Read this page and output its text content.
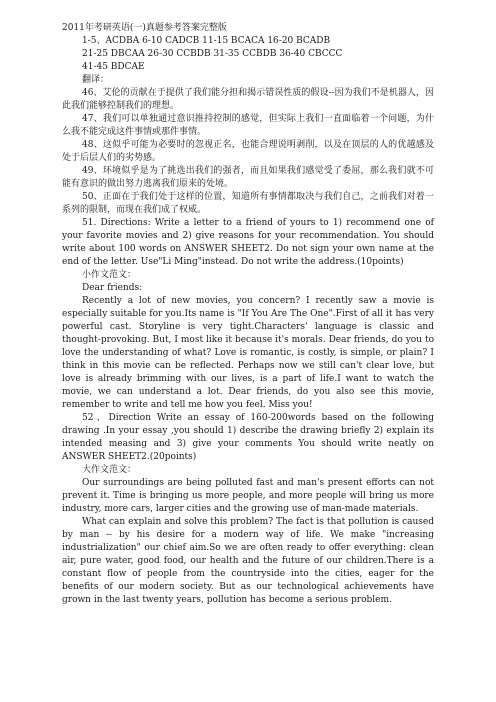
2011年考研英语(一)真题参考答案完整版

1-5、ACDBA 6-10 CADCB 11-15 BCACA 16-20 BCADB

21-25 DBCAA 26-30 CCBDB 31-35 CCBDB 36-40 CBCCC

41-45 BDCAE

翻译：

46、艾伦的贡献在于提供了我们能分担和揭示错误性质的假设--因为我们不是机器人，因此我们能够控制我们的理想。

47、我们可以单独通过意识推持控制的感觉，但实际上我们一直面临着一个问题，为什么我不能完成这件事情或那件事情。

48、这似乎可能为必要时的忽视正名，也能合理说明剥削，以及在顶层的人的优越感及处于后层人们的劣势感。

49、环境似乎是为了挑选出我们的强者，而且如果我们感觉受了委屈，那么我们就不可能有意识的做出努力逃离我们原来的处境。

50、正面在于我们处于这样的位置，知道所有事情都取决与我们自己，之前我们对着一系列的限制，而现在我们成了权威。

51. Directions: Write a letter to a friend of yours to 1) recommend one of your favorite movies and 2) give reasons for your recommendation. You should write about 100 words on ANSWER SHEET2. Do not sign your own name at the end of the letter. Use"Li Ming"instead. Do not write the address.(10points)

小作文范文：

Dear friends:

Recently a lot of new movies, you concern? I recently saw a movie is especially suitable for you.Its name is "If You Are The One".First of all it has very powerful cast. Storyline is very tight.Characters' language is classic and thought-provoking. But, I most like it because it's morals. Dear friends, do you to love the understanding of what? Love is romantic, is costly, is simple, or plain? I think in this movie can be reflected. Perhaps now we still can't clear love, but love is already brimming with our lives, is a part of life.I want to watch the movie, we can understand a lot. Dear friends, do you also see this movie, remember to write and tell me how you feel. Miss you!

52、Direction Write an essay of 160-200words based on the following drawing .In your essay ,you should 1) describe the drawing briefly 2) explain its intended measing and 3) give your comments You should write neatly on ANSWER SHEET2.(20points)

大作文范文：

Our surroundings are being polluted fast and man's present efforts can not prevent it. Time is bringing us more people, and more people will bring us more industry, more cars, larger cities and the growing use of man-made materials.

What can explain and solve this problem? The fact is that pollution is caused by man -- by his desire for a modern way of life. We make "increasing industrialization" our chief aim.So we are often ready to offer everything: clean air, pure water, good food, our health and the future of our children.There is a constant flow of people from the countryside into the cities, eager for the benefits of our modern society. But as our technological achievements have grown in the last twenty years, pollution has become a serious problem.
